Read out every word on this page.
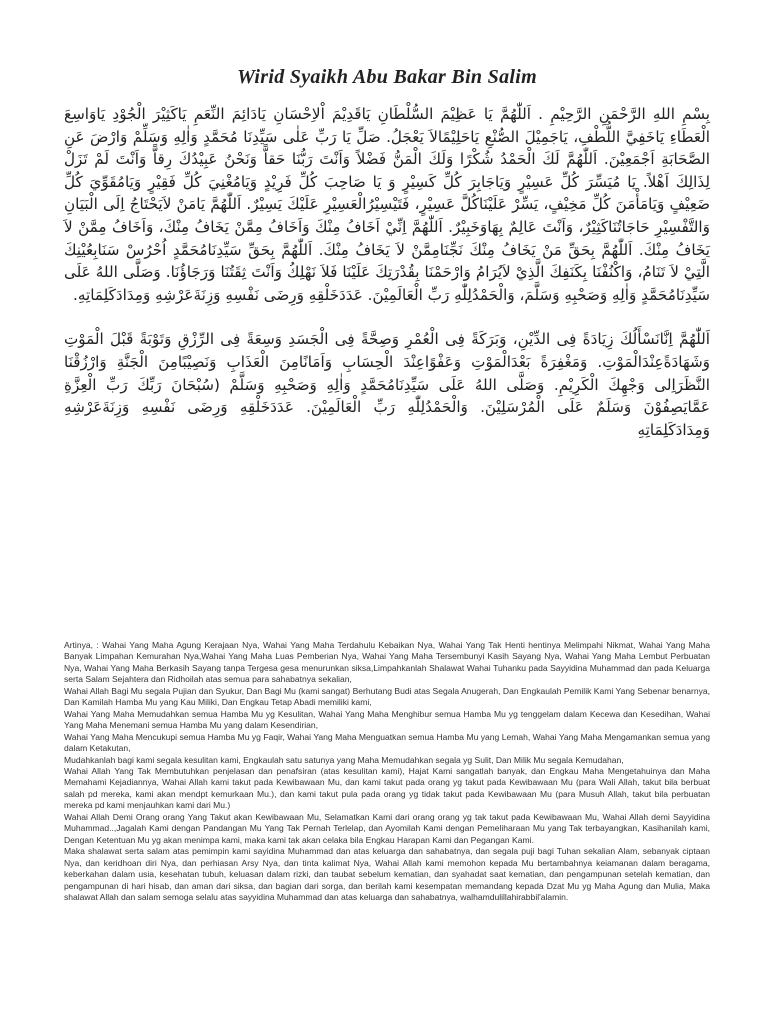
Wirid Syaikh Abu Bakar Bin Salim

بِسْمِ اللهِ الرَّحْمَنِ الرَّحِيْمِ . اَللّٰهُمَّ يَا عَظِيْمَ السُّلْطَانِ يَاقَدِيْمَ اْلاِحْسَانِ يَادَائِمَ النِّعَمِ يَاكَثِيْرَ الْجُوْدِ يَاوَاسِعَ الْعَطَاءِ يَاخَفِيَّ اللُّطْفِ، يَاجَمِيْلَ الصُّنْعِ يَاحَلِيْمًالاَ يَعْجَلُ. صَلِّ يَا رَبِّ عَلٰى سَيِّدِنَا مُحَمَّدٍ وَاٰلِهِ وَسَلِّمْ وَارْضَ عَنِ الصَّحَابَةِ اَجْمَعِيْنَ. اَللّٰهُمَّ لَكَ الْحَمْدُ شُكْرًا وَلَكَ الْمَنُّ فَضْلاً وَاَنْتَ رَبُّنَا حَقاًّ وَنَحْنُ عَبِيْدُكَ رِقاًّ وَاَنْتَ لَمْ تَزَلْ لِذَالِكَ اَهْلاً. يَا مُيَسِّرَ كُلِّ عَسِيْرٍ وَيَاجَابِرَ كُلِّ كَسِيْرٍ وَ يَا صَاحِبَ كُلِّ فَرِيْدٍ وَيَامُغْنِيَ كُلِّ فَقِيْرٍ وَيَامُقَوِّيَ كُلِّ ضَعِيْفٍ وَيَامَأْمَنَ كُلِّ مَخِيْفٍ، يَسِّرْ عَلَيْنَاكُلَّ عَسِيْرٍ، فَتَيْسِيْرُالْعَسِيْرِ عَلَيْكَ يَسِيْرٌ. اَللّٰهُمَّ يَامَنْ لاَيَحْتَاجُ اِلَى الْبَيَانِ وَالتَّفْسِيْرِ حَاجَاتُنَاكَثِيْرٌ، وَاَنْتَ عَالِمٌ بِهَاوَخَبِيْرٌ. اَللّٰهُمَّ اِنِّيْ اَخَافُ مِنْكَ وَاَخَافُ مِمَّنْ يَخَافُ مِنْكَ، وَاَخَافُ مِمَّنْ لاَ يَخَافُ مِنْكَ. اَللّٰهُمَّ بِحَقِّ مَنْ يَخَافُ مِنْكَ نَجِّنَامِمَّنْ لاَ يَخَافُ مِنْكَ. اَللّٰهُمَّ بِحَقِّ سَيِّدِنَامُحَمَّدٍ اُحْرُسْ سَنَابِعُيْنِكَ الَّتِيْ لاَ تَنَامُ، وَاكْنُفْنَا بِكَنَفِكَ الَّذِيْ لاَيُرَامُ وَارْحَمْنَا بِقُدْرَتِكَ عَلَيْنَا فَلاَ نَهْلِكُ وَاَنْتَ ثِقَتُنَا وَرَجَاؤُنَا. وَصَلَّى اللهُ عَلَى سَيِّدِنَامُحَمَّدٍ وَاٰلِهِ وَصَحْبِهِ وَسَلَّمَ، وَالْحَمْدُلِلّٰهِ رَبِّ الْعَالَمِيْنَ. عَدَدَخَلْقِهِ وَرِضَى نَفْسِهِ وَزِنَةَعَرْشِهِ وَمِدَادَكَلِمَاتِهِ.

اَللّٰهُمَّ اِنَّانَسْأَلُكَ زِيَادَةً فِى الدِّيْنِ، وَبَرَكَةً فِى الْعُمْرِ وَصِحَّةً فِى الْجَسَدِ وَسِعَةً فِى الرِّزْقِ وَتَوْبَةً قَبْلَ الْمَوْتِ وَشَهَادَةًعِنْدَالْمَوْتِ. وَمَغْفِرَةً بَعْدَالْمَوْتِ وَعَفْوًاعِنْدَ الْحِسَابِ وَاَمَانًامِنَ الْعَذَابِ وَنَصِيْبًامِنَ الْجَنَّةِ وَارْزُقْنَا النَّظَرَاِلى وَجْهِكَ الْكَرِيْمِ. وَصَلَّى اللهُ عَلَى سَيِّدِنَامُحَمَّدٍ وَاٰلِهِ وَصَحْبِهِ وَسَلَّمْ (سُبْحَانَ رَبِّكَ رَبِّ الْعِزَّةِ عَمَّايَصِفُوْنَ وَسَلَمٌ عَلَى الْمُرْسَلِيْنَ. وَالْحَمْدُلِلّٰهِ رَبِّ الْعَالَمِيْنَ. عَدَدَخَلْقِهِ وَرِضَى نَفْسِهِ وَزِنَةَعَرْشِهِ وَمِدَادَكَلِمَاتِهِ

Artinya, : Wahai Yang Maha Agung Kerajaan Nya, Wahai Yang Maha Terdahulu Kebaikan Nya, Wahai Yang Tak Henti hentinya Melimpahi Nikmat, Wahai Yang Maha Banyak Limpahan Kemurahan Nya,Wahai Yang Maha Luas Pemberian Nya, Wahai Yang Maha Tersembunyi Kasih Sayang Nya, Wahai Yang Maha Lembut Perbuatan Nya, Wahai Yang Maha Berkasih Sayang tanpa Tergesa gesa menurunkan siksa,Limpahkanlah Shalawat Wahai Tuhanku pada Sayyidina Muhammad dan pada Keluarga serta Salam Sejahtera dan Ridhoilah atas semua para sahabatnya sekalian,

Wahai Allah Bagi Mu segala Pujian dan Syukur, Dan Bagi Mu (kami sangat) Berhutang Budi atas Segala Anugerah, Dan Engkaulah Pemilik Kami Yang Sebenar benarnya, Dan Kamilah Hamba Mu yang Kau Miliki, Dan Engkau Tetap Abadi memiliki kami,

Wahai Yang Maha Memudahkan semua Hamba Mu yg Kesulitan, Wahai Yang Maha Menghibur semua Hamba Mu yg tenggelam dalam Kecewa dan Kesedihan, Wahai Yang Maha Menemani semua Hamba Mu yang dalam Kesendirian,

Wahai Yang Maha Mencukupi semua Hamba Mu yg Faqir, Wahai Yang Maha Menguatkan semua Hamba Mu yang Lemah, Wahai Yang Maha Mengamankan semua yang dalam Ketakutan,

Mudahkanlah bagi kami segala kesulitan kami, Engkaulah satu satunya yang Maha Memudahkan segala yg Sulit, Dan Milik Mu segala Kemudahan,

Wahai Allah Yang Tak Membutuhkan penjelasan dan penafsiran (atas kesulitan kami), Hajat Kami sangatlah banyak, dan Engkau Maha Mengetahuinya dan Maha Memahami Kejadiannya, Wahai Allah kami takut pada Kewibawaan Mu, dan kami takut pada orang yg takut pada Kewibawaan Mu (para Wali Allah, takut bila berbuat salah pd mereka, kami akan mendpt kemurkaan Mu.), dan kami takut pula pada orang yg tidak takut pada Kewibawaan Mu (para Musuh Allah, takut bila perbuatan mereka pd kami menjauhkan kami dari Mu.)

Wahai Allah Demi Orang orang Yang Takut akan Kewibawaan Mu, Selamatkan Kami dari orang orang yg tak takut pada Kewibawaan Mu, Wahai Allah demi Sayyidina Muhammad..,Jagalah Kami dengan Pandangan Mu Yang Tak Pernah Terlelap, dan Ayomilah Kami dengan Pemeliharaan Mu yang Tak terbayangkan, Kasihanilah kami, Dengan Ketentuan Mu yg akan menimpa kami, maka kami tak akan celaka bila Engkau Harapan Kami dan Pegangan Kami.

Maka shalawat serta salam atas pemimpin kami sayidina Muhammad dan atas keluarga dan sahabatnya, dan segala puji bagi Tuhan sekalian Alam, sebanyak ciptaan Nya, dan keridhoan diri Nya, dan perhiasan Arsy Nya, dan tinta kalimat Nya, Wahai Allah kami memohon kepada Mu bertambahnya keiamanan dalam beragama, keberkahan dalam usia, kesehatan tubuh, keluasan dalam rizki, dan taubat sebelum kematian, dan syahadat saat kematian, dan pengampunan setelah kematian, dan pengampunan di hari hisab, dan aman dari siksa, dan bagian dari sorga, dan berilah kami kesempatan memandang kepada Dzat Mu yg Maha Agung dan Mulia, Maka shalawat Allah dan salam semoga selalu atas sayyidina Muhammad dan atas keluarga dan sahabatnya, walhamdulillahirabbil'alamin.
